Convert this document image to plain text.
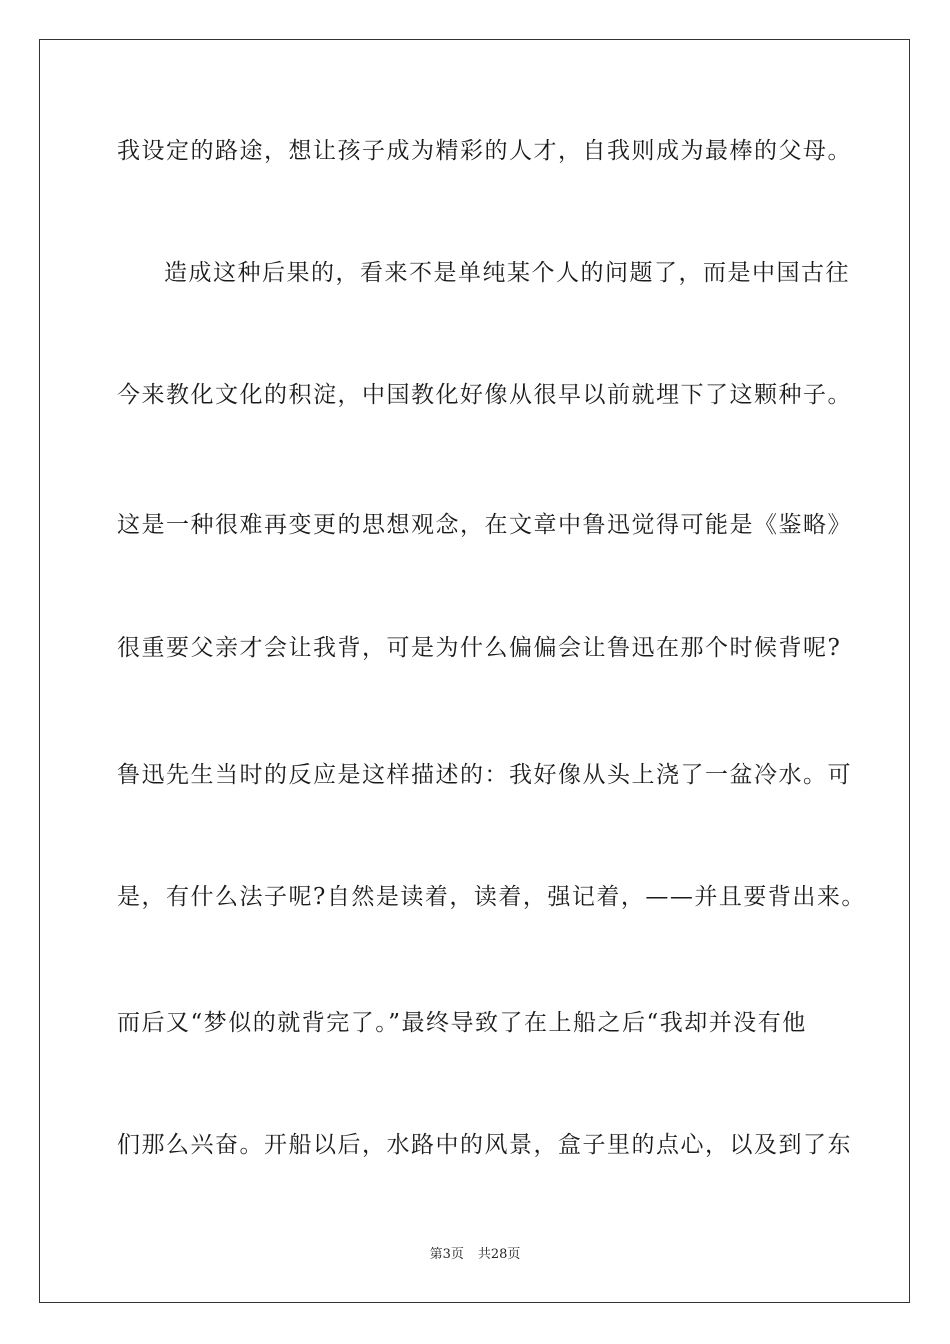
我设定的路途，想让孩子成为精彩的人才，自我则成为最棒的父母。
造成这种后果的，看来不是单纯某个人的问题了，而是中国古往
今来教化文化的积淀，中国教化好像从很早以前就埋下了这颗种子。
这是一种很难再变更的思想观念，在文章中鲁迅觉得可能是《鉴略》
很重要父亲才会让我背，可是为什么偏偏会让鲁迅在那个时候背呢?
鲁迅先生当时的反应是这样描述的：我好像从头上浇了一盆冷水。可
是，有什么法子呢?自然是读着，读着，强记着，——并且要背出来。
而后又“梦似的就背完了。”最终导致了在上船之后“我却并没有他
们那么兴奋。开船以后，水路中的风景，盒子里的点心，以及到了东
第3页 共28页
